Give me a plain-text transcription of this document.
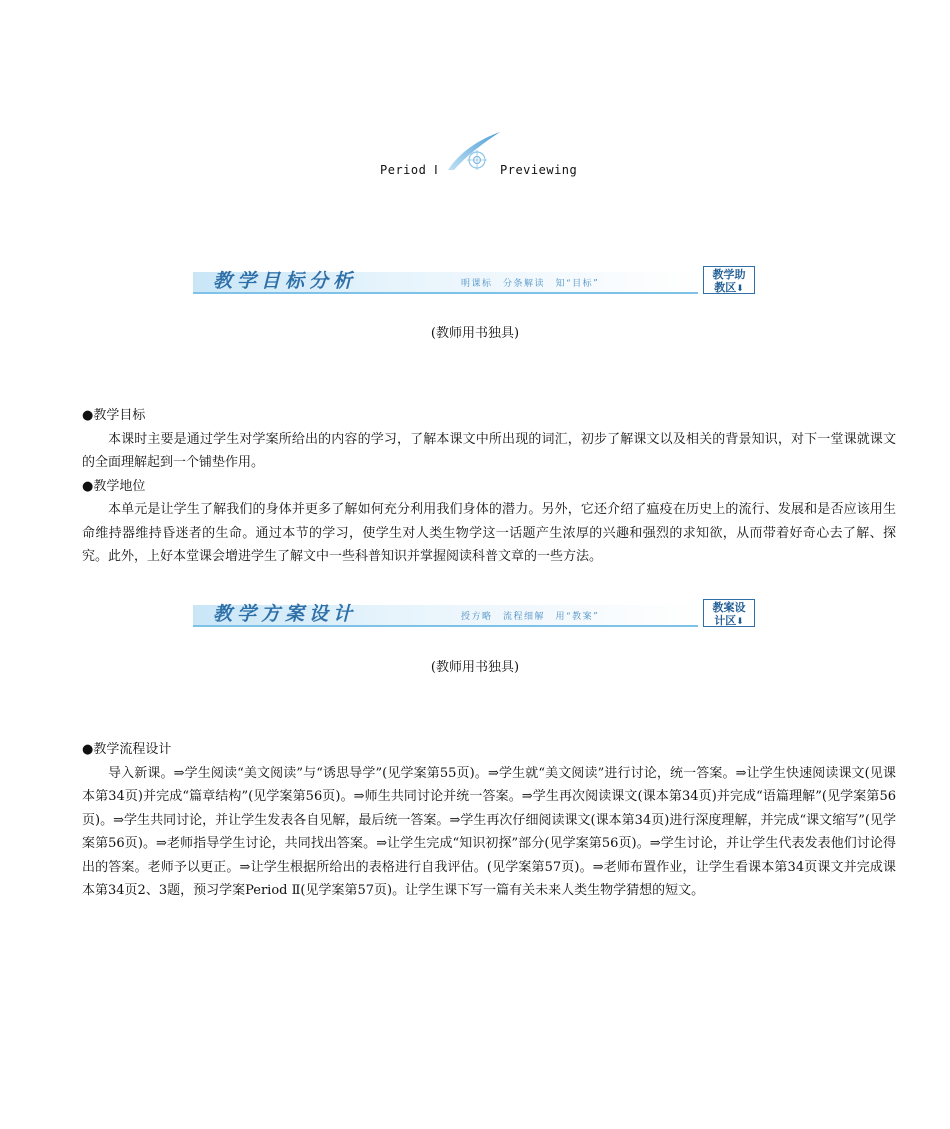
Period Ⅰ	Previewing
教学目标分析	明课标　分条解读　知“目标”
教学助
教区⬇
(教师用书独具)
●教学目标
本课时主要是通过学生对学案所给出的内容的学习，了解本课文中所出现的词汇，初步了解课文以及相关的背景知识，对下一堂课就课文的全面理解起到一个铺垫作用。
●教学地位
本单元是让学生了解我们的身体并更多了解如何充分利用我们身体的潜力。另外，它还介绍了瘟疫在历史上的流行、发展和是否应该用生命维持器维持昏迷者的生命。通过本节的学习，使学生对人类生物学这一话题产生浓厚的兴趣和强烈的求知欲，从而带着好奇心去了解、探究。此外，上好本堂课会增进学生了解文中一些科普知识并掌握阅读科普文章的一些方法。
教学方案设计	授方略　流程细解　用“教案”
教案设
计区⬇
(教师用书独具)
●教学流程设计
导入新课。⇒学生阅读“美文阅读”与“诱思导学”(见学案第55页)。⇒学生就“美文阅读”进行讨论，统一答案。⇒让学生快速阅读课文(见课本第34页)并完成“篇章结构”(见学案第56页)。⇒师生共同讨论并统一答案。⇒学生再次阅读课文(课本第34页)并完成“语篇理解”(见学案第56页)。⇒学生共同讨论，并让学生发表各自见解，最后统一答案。⇒学生再次仔细阅读课文(课本第34页)进行深度理解，并完成“课文缩写”(见学案第56页)。⇒老师指导学生讨论，共同找出答案。⇒让学生完成“知识初探”部分(见学案第56页)。⇒学生讨论，并让学生代表发表他们讨论得出的答案。老师予以更正。⇒让学生根据所给出的表格进行自我评估。(见学案第57页)。⇒老师布置作业，让学生看课本第34页课文并完成课本第34页2、3题，预习学案Period Ⅱ(见学案第57页)。让学生课下写一篇有关未来人类生物学猜想的短文。
